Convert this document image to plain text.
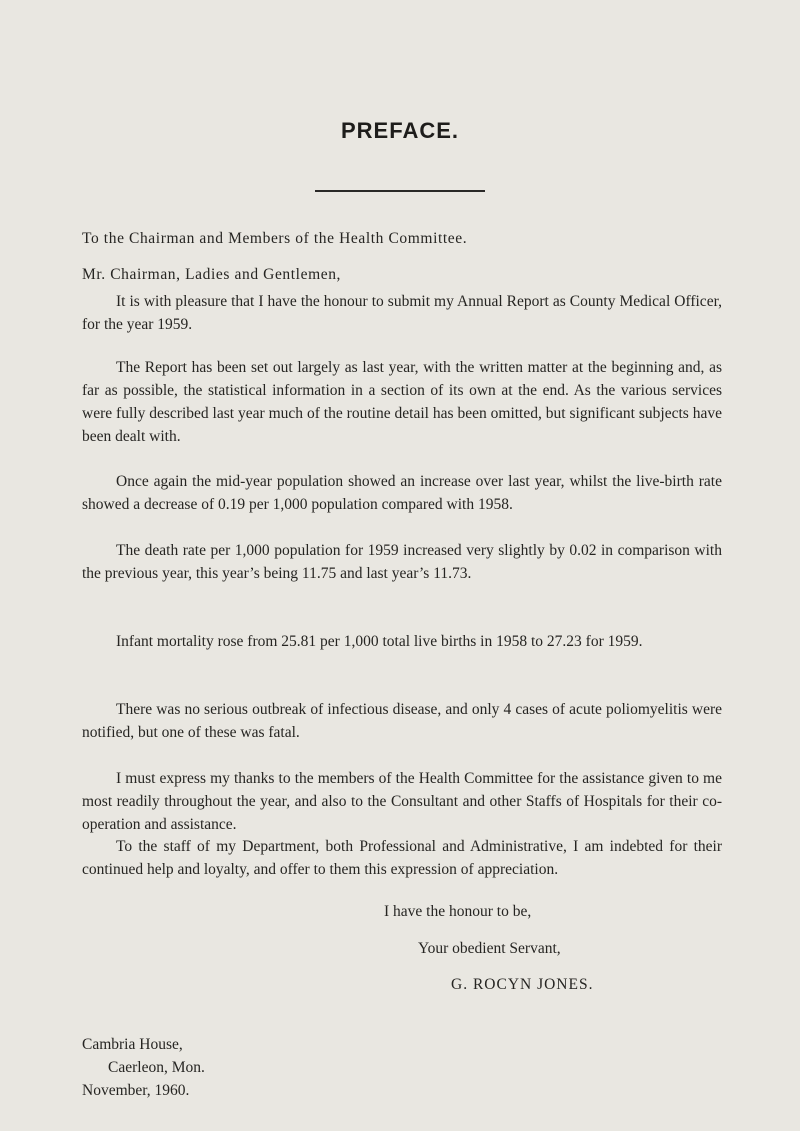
PREFACE.
To the Chairman and Members of the Health Committee.
Mr. Chairman, Ladies and Gentlemen,

It is with pleasure that I have the honour to submit my Annual Report as County Medical Officer, for the year 1959.

The Report has been set out largely as last year, with the written matter at the beginning and, as far as possible, the statistical information in a section of its own at the end. As the various services were fully described last year much of the routine detail has been omitted, but significant subjects have been dealt with.

Once again the mid-year population showed an increase over last year, whilst the live-birth rate showed a decrease of 0.19 per 1,000 population compared with 1958.

The death rate per 1,000 population for 1959 increased very slightly by 0.02 in comparison with the previous year, this year’s being 11.75 and last year’s 11.73.

Infant mortality rose from 25.81 per 1,000 total live births in 1958 to 27.23 for 1959.

There was no serious outbreak of infectious disease, and only 4 cases of acute poliomyelitis were notified, but one of these was fatal.

I must express my thanks to the members of the Health Committee for the assistance given to me most readily throughout the year, and also to the Consultant and other Staffs of Hospitals for their co-operation and assistance.

To the staff of my Department, both Professional and Administrative, I am indebted for their continued help and loyalty, and offer to them this expression of appreciation.

I have the honour to be,
Your obedient Servant,
G. ROCYN JONES.
Cambria House,
Caerleon, Mon.
November, 1960.
